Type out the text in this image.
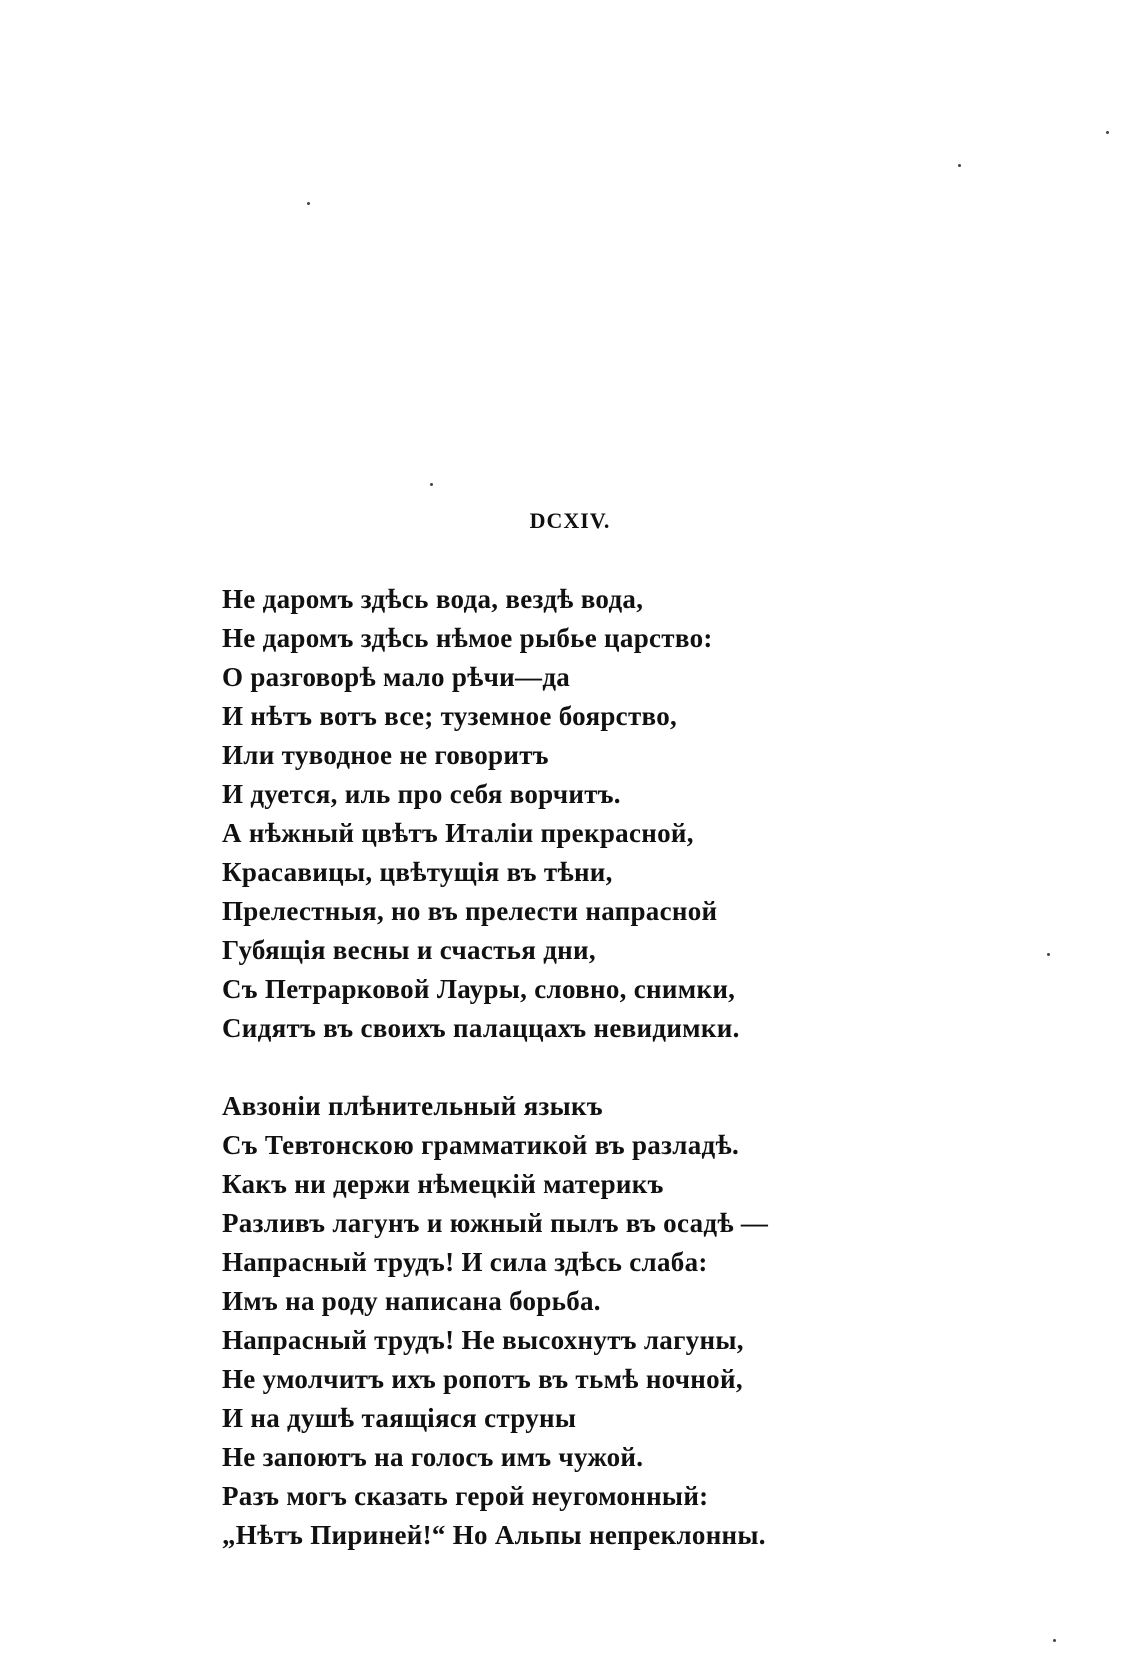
DCXIV.
Не даромъ здѣсь вода, вездѣ вода,
Не даромъ здѣсь нѣмое рыбье царство:
О разговорѣ мало рѣчи—да
И нѣтъ вотъ все; туземное боярство,
Или туводное не говоритъ
И дуется, иль про себя ворчитъ.
А нѣжный цвѣтъ Италіи прекрасной,
Красавицы, цвѣтущія въ тѣни,
Прелестныя, но въ прелести напрасной
Губящія весны и счастья дни,
Съ Петрарковой Лауры, словно, снимки,
Сидятъ въ своихъ палаццахъ невидимки.
Авзоніи плѣнительный языкъ
Съ Тевтонскою грамматикой въ разладѣ.
Какъ ни держи нѣмецкій материкъ
Разливъ лагунъ и южный пылъ въ осадѣ —
Напрасный трудъ! И сила здѣсь слаба:
Имъ на роду написана борьба.
Напрасный трудъ! Не высохнутъ лагуны,
Не умолчитъ ихъ ропотъ въ тьмѣ ночной,
И на душѣ таящіяся струны
Не запоютъ на голосъ имъ чужой.
Разъ могъ сказать герой неугомонный:
„Нѣтъ Пириней!“ Но Альпы непреклонны.
